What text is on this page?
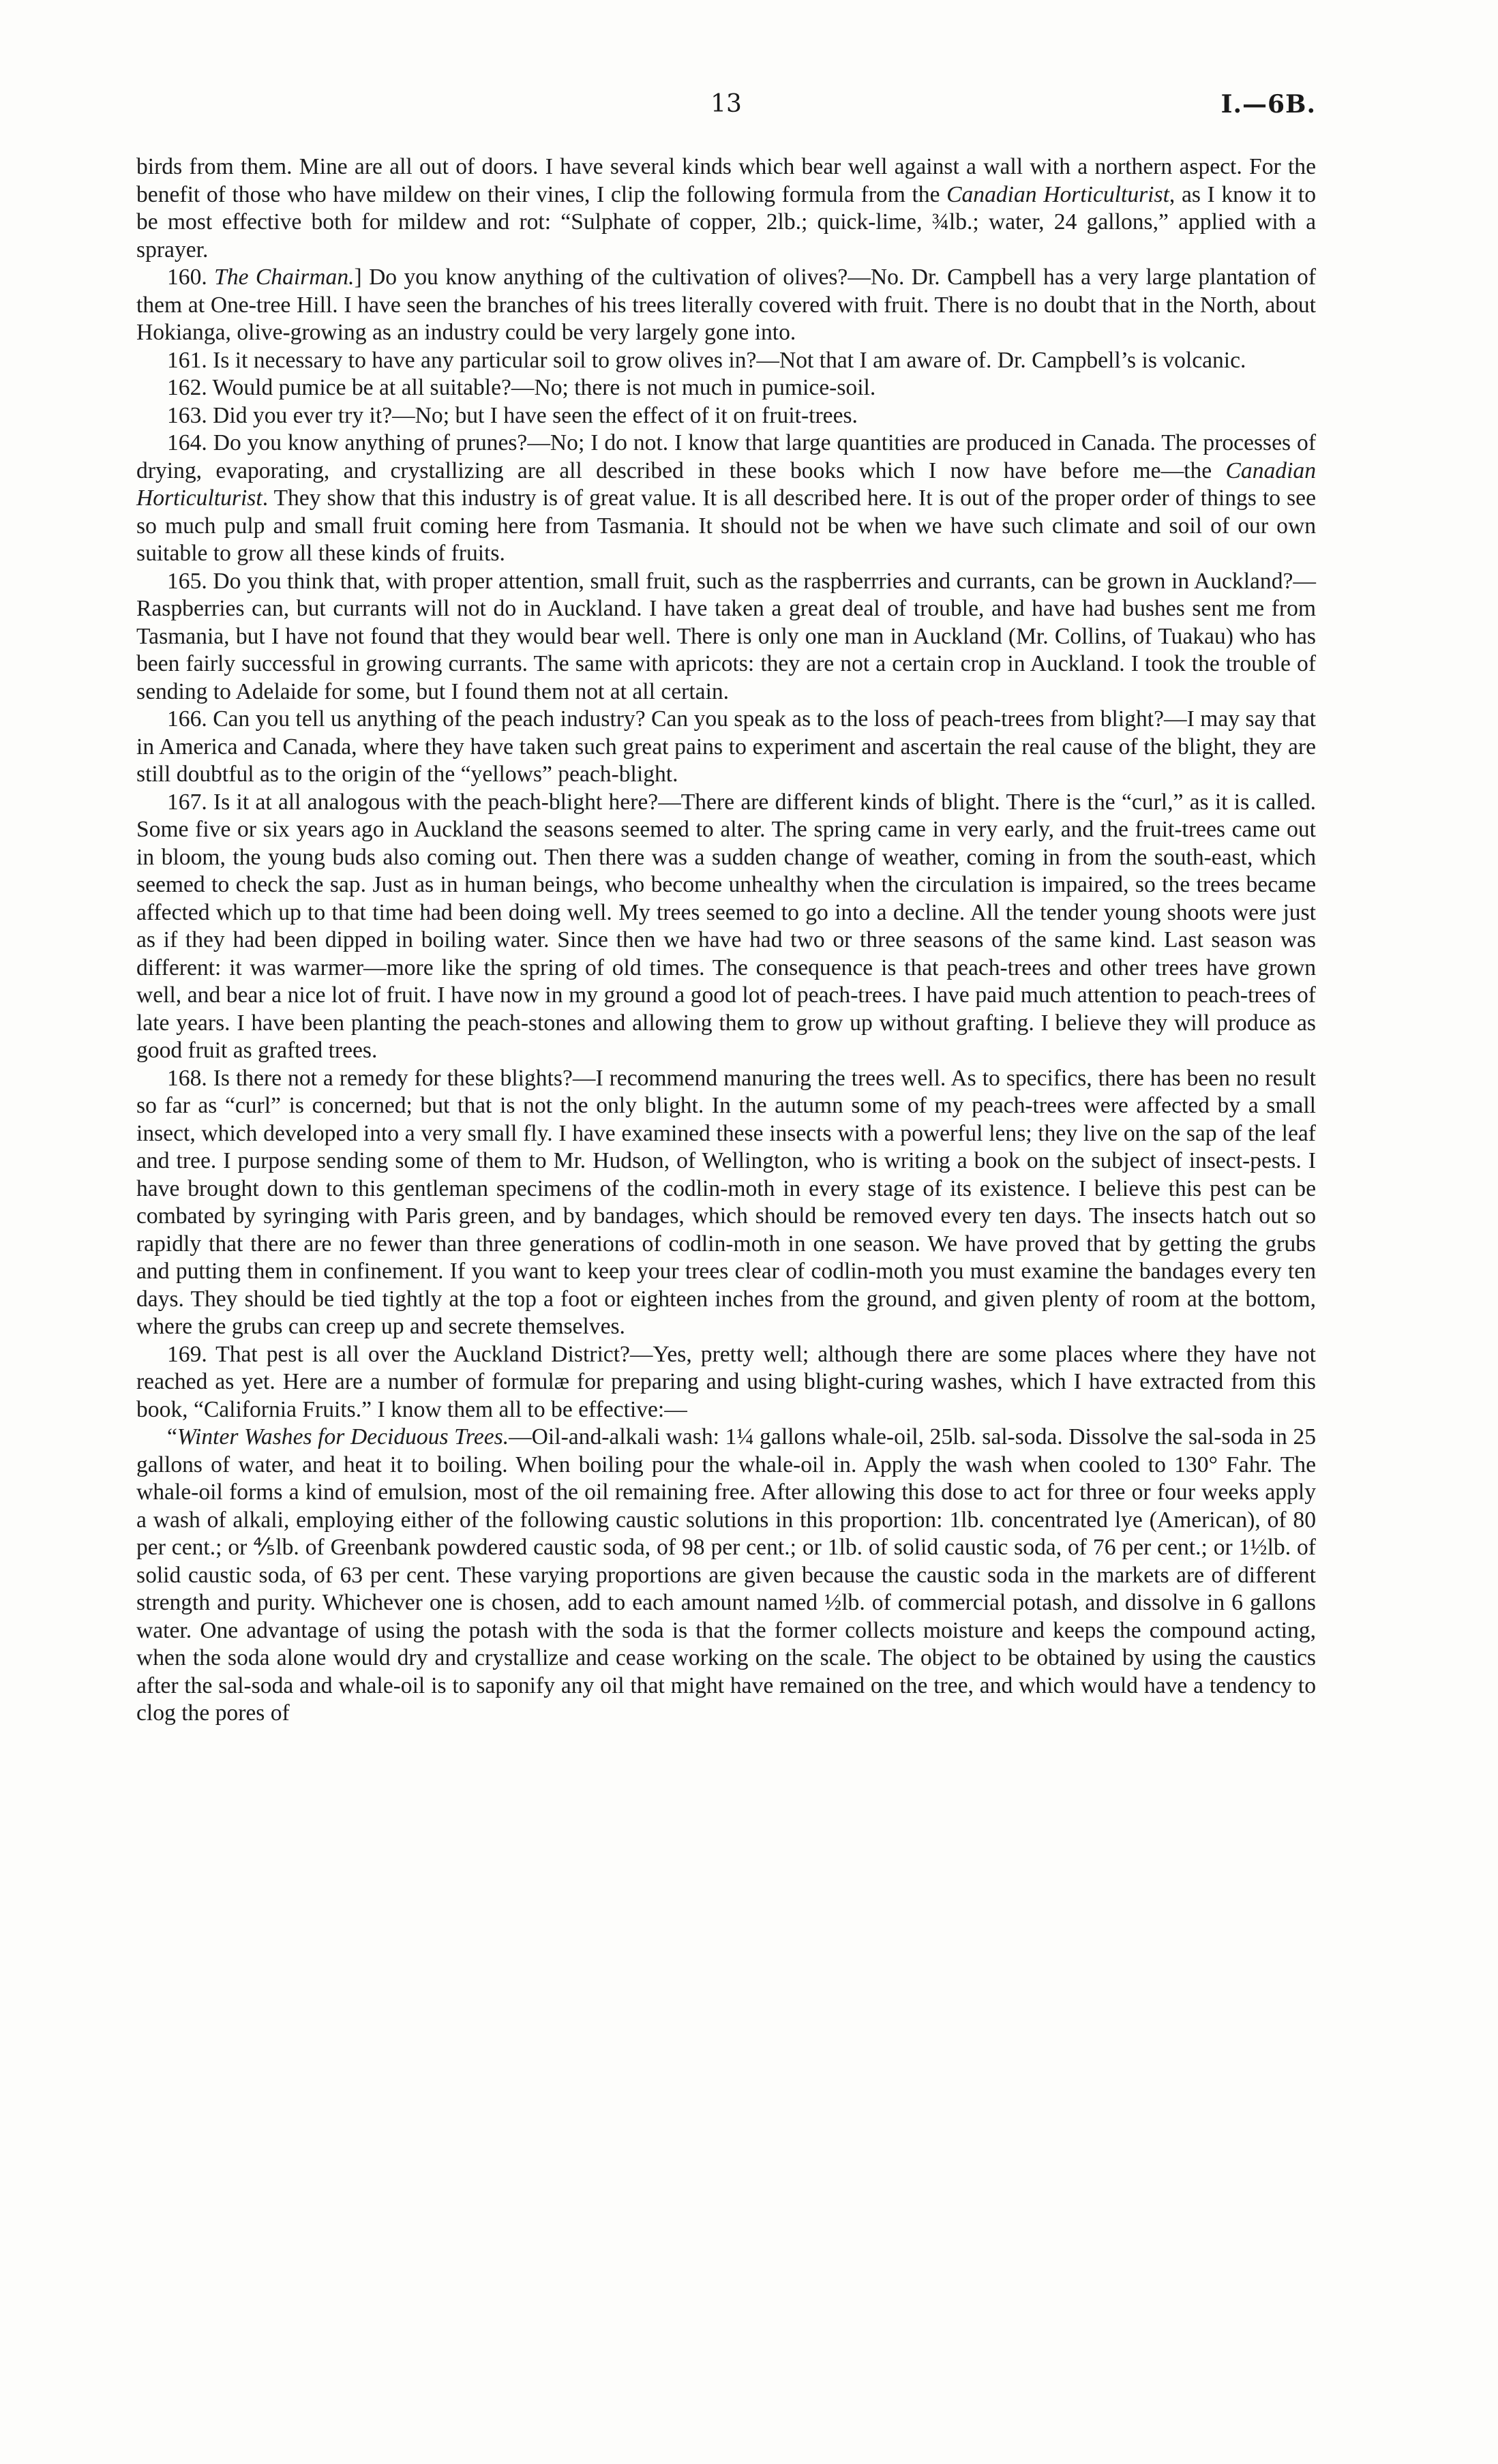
13	I.—6B.

birds from them. Mine are all out of doors. I have several kinds which bear well against a wall with a northern aspect. For the benefit of those who have mildew on their vines, I clip the following formula from the Canadian Horticulturist, as I know it to be most effective both for mildew and rot: “Sulphate of copper, 2lb.; quick-lime, ¾lb.; water, 24 gallons,” applied with a sprayer.

160. The Chairman.] Do you know anything of the cultivation of olives?—No. Dr. Campbell has a very large plantation of them at One-tree Hill. I have seen the branches of his trees literally covered with fruit. There is no doubt that in the North, about Hokianga, olive-growing as an industry could be very largely gone into.

161. Is it necessary to have any particular soil to grow olives in?—Not that I am aware of. Dr. Campbell’s is volcanic.

162. Would pumice be at all suitable?—No; there is not much in pumice-soil.

163. Did you ever try it?—No; but I have seen the effect of it on fruit-trees.

164. Do you know anything of prunes?—No; I do not. I know that large quantities are produced in Canada. The processes of drying, evaporating, and crystallizing are all described in these books which I now have before me—the Canadian Horticulturist. They show that this industry is of great value. It is all described here. It is out of the proper order of things to see so much pulp and small fruit coming here from Tasmania. It should not be when we have such climate and soil of our own suitable to grow all these kinds of fruits.

165. Do you think that, with proper attention, small fruit, such as the raspberrries and currants, can be grown in Auckland?—Raspberries can, but currants will not do in Auckland. I have taken a great deal of trouble, and have had bushes sent me from Tasmania, but I have not found that they would bear well. There is only one man in Auckland (Mr. Collins, of Tuakau) who has been fairly successful in growing currants. The same with apricots: they are not a certain crop in Auckland. I took the trouble of sending to Adelaide for some, but I found them not at all certain.

166. Can you tell us anything of the peach industry? Can you speak as to the loss of peach-trees from blight?—I may say that in America and Canada, where they have taken such great pains to experiment and ascertain the real cause of the blight, they are still doubtful as to the origin of the “yellows” peach-blight.

167. Is it at all analogous with the peach-blight here?—There are different kinds of blight. There is the “curl,” as it is called. Some five or six years ago in Auckland the seasons seemed to alter. The spring came in very early, and the fruit-trees came out in bloom, the young buds also coming out. Then there was a sudden change of weather, coming in from the south-east, which seemed to check the sap. Just as in human beings, who become unhealthy when the circulation is impaired, so the trees became affected which up to that time had been doing well. My trees seemed to go into a decline. All the tender young shoots were just as if they had been dipped in boiling water. Since then we have had two or three seasons of the same kind. Last season was different: it was warmer—more like the spring of old times. The consequence is that peach-trees and other trees have grown well, and bear a nice lot of fruit. I have now in my ground a good lot of peach-trees. I have paid much attention to peach-trees of late years. I have been planting the peach-stones and allowing them to grow up without grafting. I believe they will produce as good fruit as grafted trees.

168. Is there not a remedy for these blights?—I recommend manuring the trees well. As to specifics, there has been no result so far as “curl” is concerned; but that is not the only blight. In the autumn some of my peach-trees were affected by a small insect, which developed into a very small fly. I have examined these insects with a powerful lens; they live on the sap of the leaf and tree. I purpose sending some of them to Mr. Hudson, of Wellington, who is writing a book on the subject of insect-pests. I have brought down to this gentleman specimens of the codlin-moth in every stage of its existence. I believe this pest can be combated by syringing with Paris green, and by bandages, which should be removed every ten days. The insects hatch out so rapidly that there are no fewer than three generations of codlin-moth in one season. We have proved that by getting the grubs and putting them in confinement. If you want to keep your trees clear of codlin-moth you must examine the bandages every ten days. They should be tied tightly at the top a foot or eighteen inches from the ground, and given plenty of room at the bottom, where the grubs can creep up and secrete themselves.

169. That pest is all over the Auckland District?—Yes, pretty well; although there are some places where they have not reached as yet. Here are a number of formulæ for preparing and using blight-curing washes, which I have extracted from this book, “California Fruits.” I know them all to be effective:—

“Winter Washes for Deciduous Trees.—Oil-and-alkali wash: 1¼ gallons whale-oil, 25lb. sal-soda. Dissolve the sal-soda in 25 gallons of water, and heat it to boiling. When boiling pour the whale-oil in. Apply the wash when cooled to 130° Fahr. The whale-oil forms a kind of emulsion, most of the oil remaining free. After allowing this dose to act for three or four weeks apply a wash of alkali, employing either of the following caustic solutions in this proportion: 1lb. concentrated lye (American), of 80 per cent.; or ⅘lb. of Greenbank powdered caustic soda, of 98 per cent.; or 1lb. of solid caustic soda, of 76 per cent.; or 1½lb. of solid caustic soda, of 63 per cent. These varying proportions are given because the caustic soda in the markets are of different strength and purity. Whichever one is chosen, add to each amount named ½lb. of commercial potash, and dissolve in 6 gallons water. One advantage of using the potash with the soda is that the former collects moisture and keeps the compound acting, when the soda alone would dry and crystallize and cease working on the scale. The object to be obtained by using the caustics after the sal-soda and whale-oil is to saponify any oil that might have remained on the tree, and which would have a tendency to clog the pores of
